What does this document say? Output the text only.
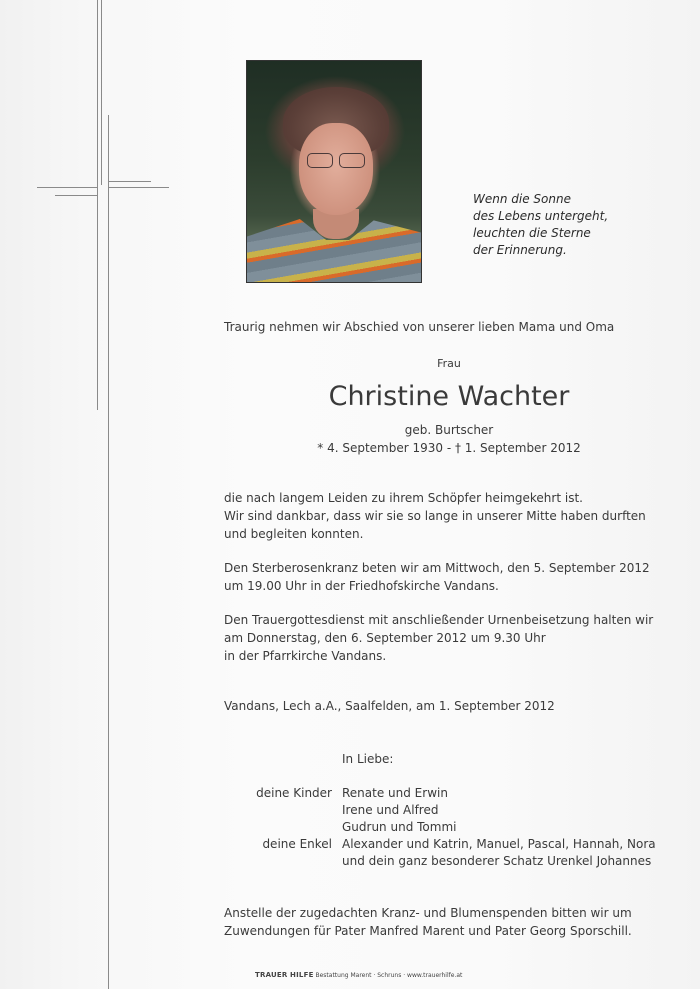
Wenn die Sonne
des Lebens untergeht,
leuchten die Sterne
der Erinnerung.
Traurig nehmen wir Abschied von unserer lieben Mama und Oma
Frau
Christine Wachter
geb. Burtscher
* 4. September 1930 - † 1. September 2012
die nach langem Leiden zu ihrem Schöpfer heimgekehrt ist.
Wir sind dankbar, dass wir sie so lange in unserer Mitte haben durften
und begleiten konnten.
Den Sterberosenkranz beten wir am Mittwoch, den 5. September 2012
um 19.00 Uhr in der Friedhofskirche Vandans.
Den Trauergottesdienst mit anschließender Urnenbeisetzung halten wir
am Donnerstag, den 6. September 2012 um 9.30 Uhr
in der Pfarrkirche Vandans.
Vandans, Lech a.A., Saalfelden, am 1. September 2012
In Liebe:
deine Kinder Renate und Erwin
Irene und Alfred
Gudrun und Tommi
deine Enkel Alexander und Katrin, Manuel, Pascal, Hannah, Nora
und dein ganz besonderer Schatz Urenkel Johannes
Anstelle der zugedachten Kranz- und Blumenspenden bitten wir um
Zuwendungen für Pater Manfred Marent und Pater Georg Sporschill.
TRAUER HILFE Bestattung Marent · Schruns · www.trauerhilfe.at
